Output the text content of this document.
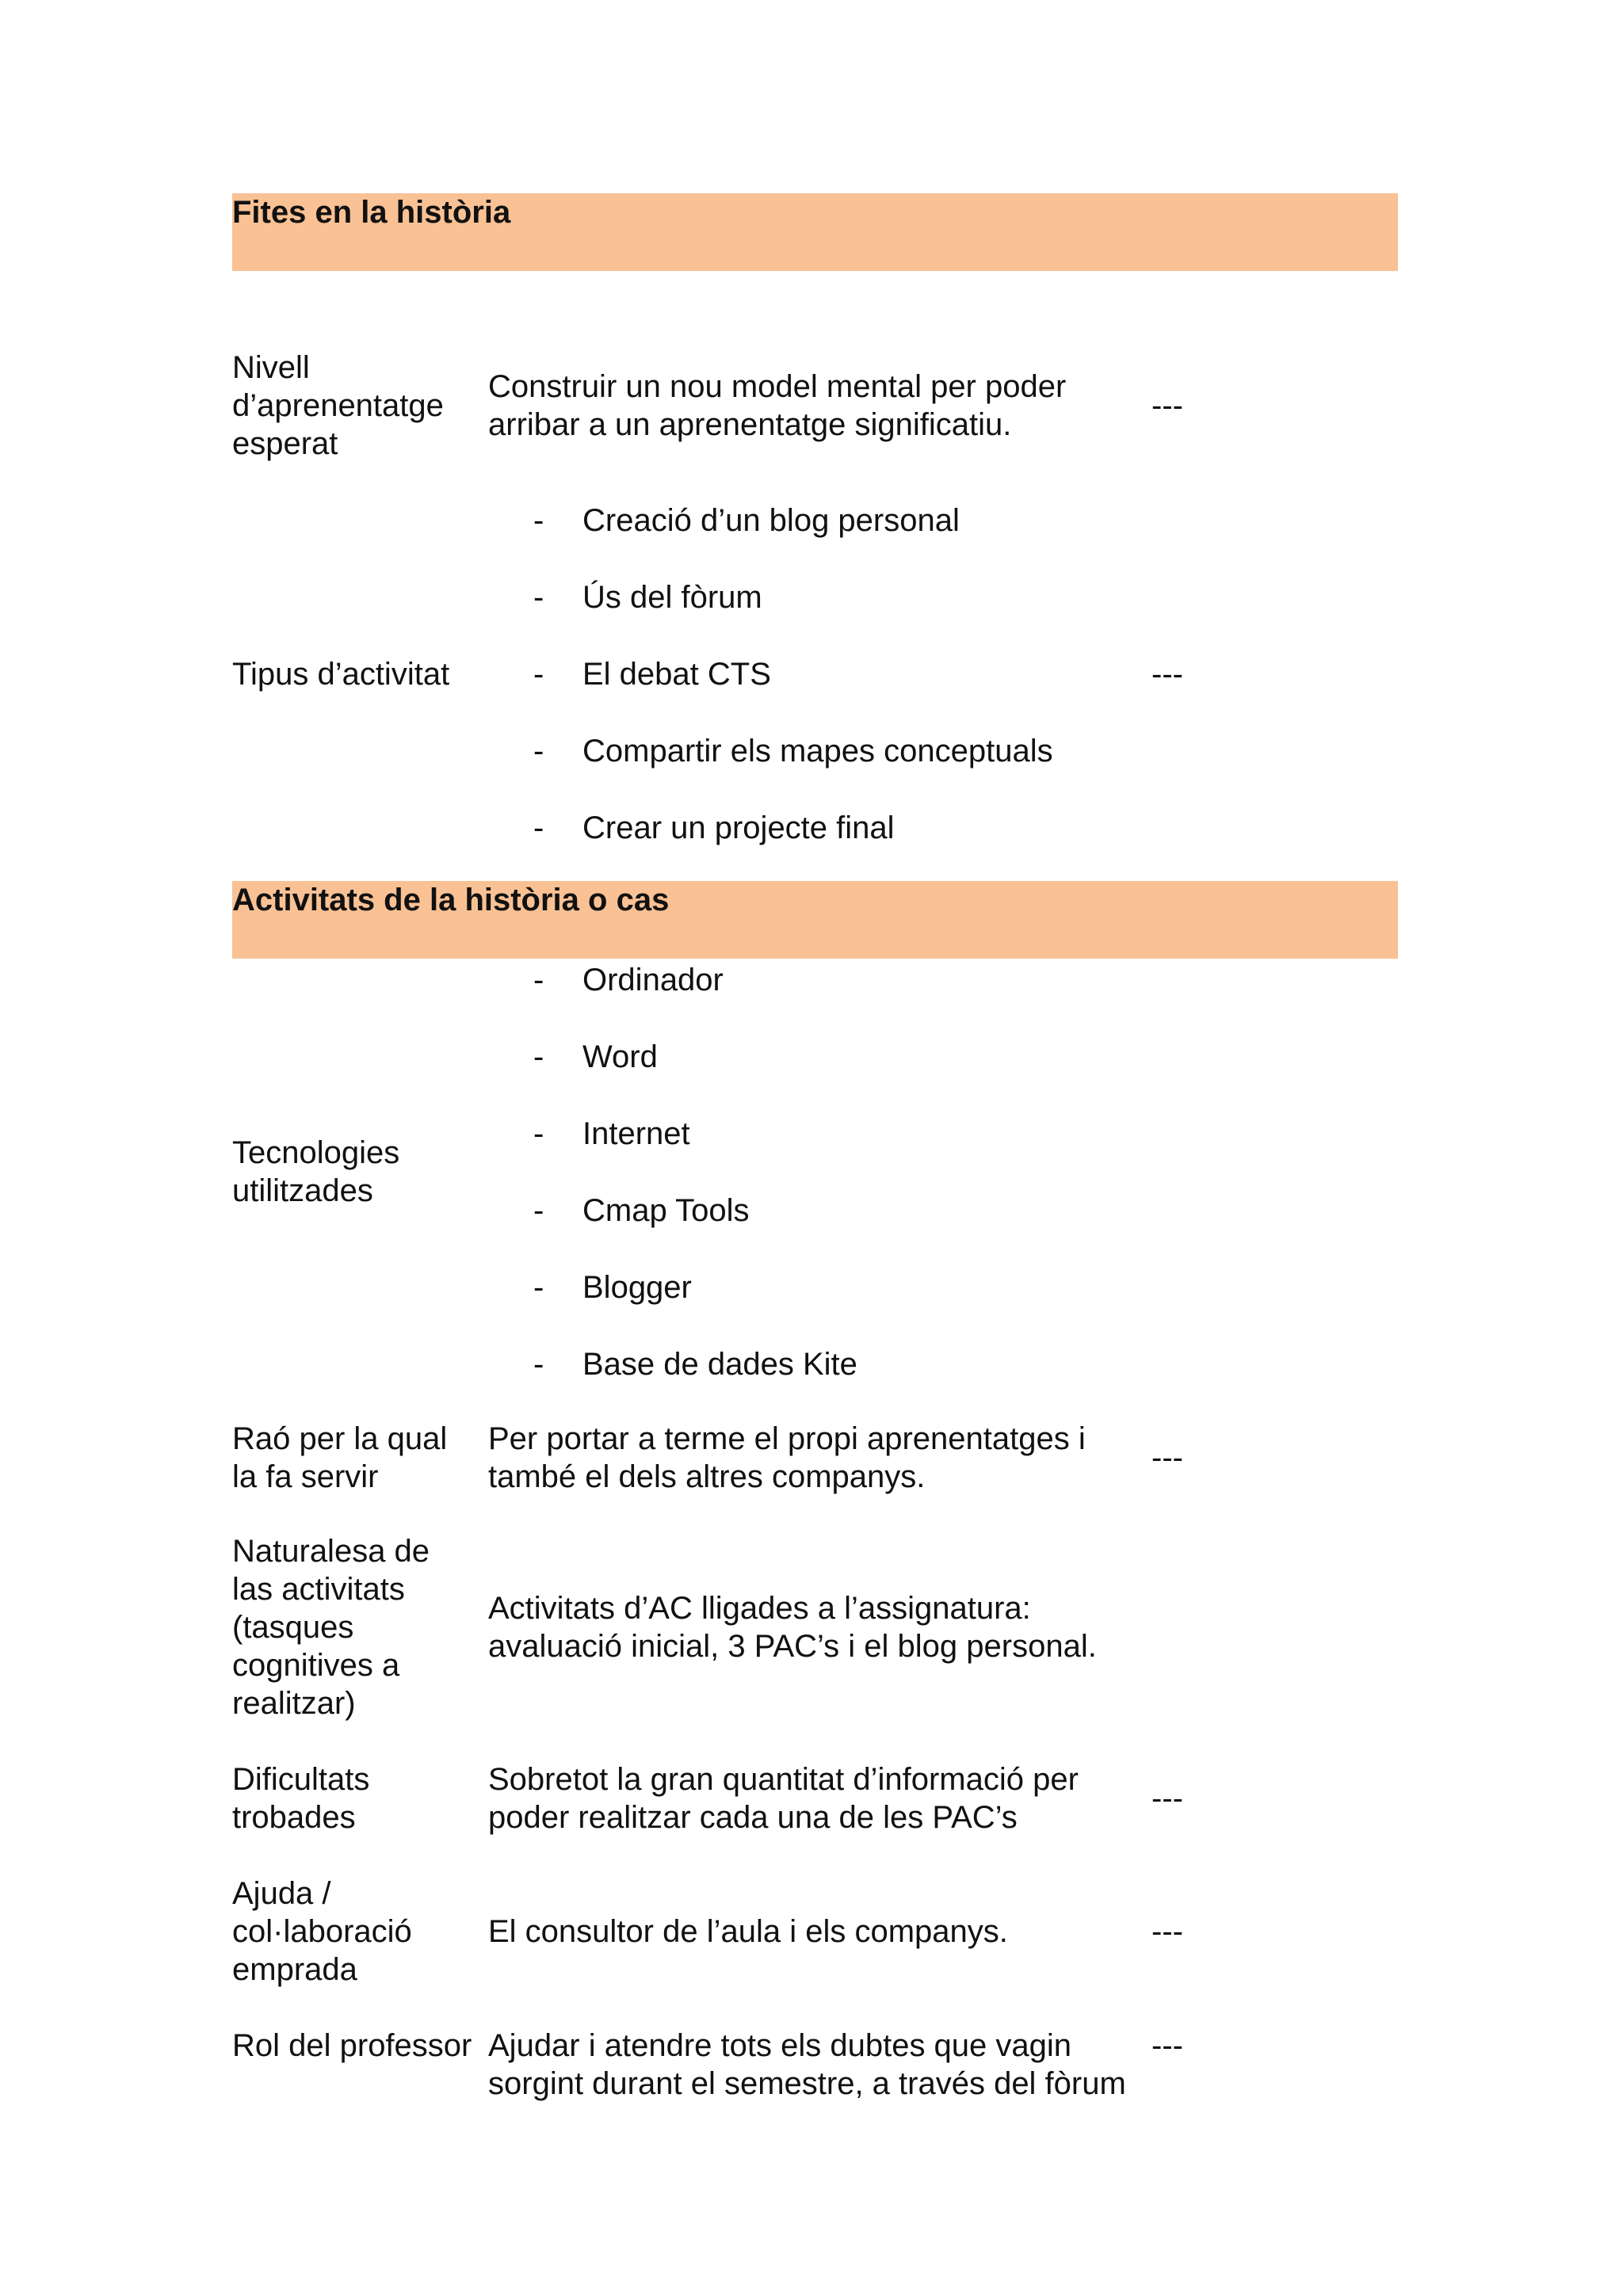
Fites en la història

Nivell

d’aprenentatge

esperat

Construir un nou model mental per poder

arribar a un aprenentatge significatiu.

---

Tipus d’activitat

- Creació d’un blog personal
- Ús del fòrum
- El debat CTS
- Compartir els mapes conceptuals
- Crear un projecte final

---

Activitats de la història o cas

Tecnologies

utilitzades

- Ordinador
- Word
- Internet
- Cmap Tools
- Blogger
- Base de dades Kite

Raó per la qual

la fa servir

Per portar a terme el propi aprenentatges i

també el dels altres companys.

---

Naturalesa de

las activitats

(tasques

cognitives a

realitzar)

Activitats d’AC lligades a l’assignatura:

avaluació inicial, 3 PAC’s i el blog personal.

Dificultats

trobades

Sobretot la gran quantitat d’informació per

poder realitzar cada una de les PAC’s

---

Ajuda /

col·laboració

emprada

El consultor de l’aula i els companys.	---

Rol del professor Ajudar i atendre tots els dubtes que vagin

sorgint durant el semestre, a través del fòrum

---
